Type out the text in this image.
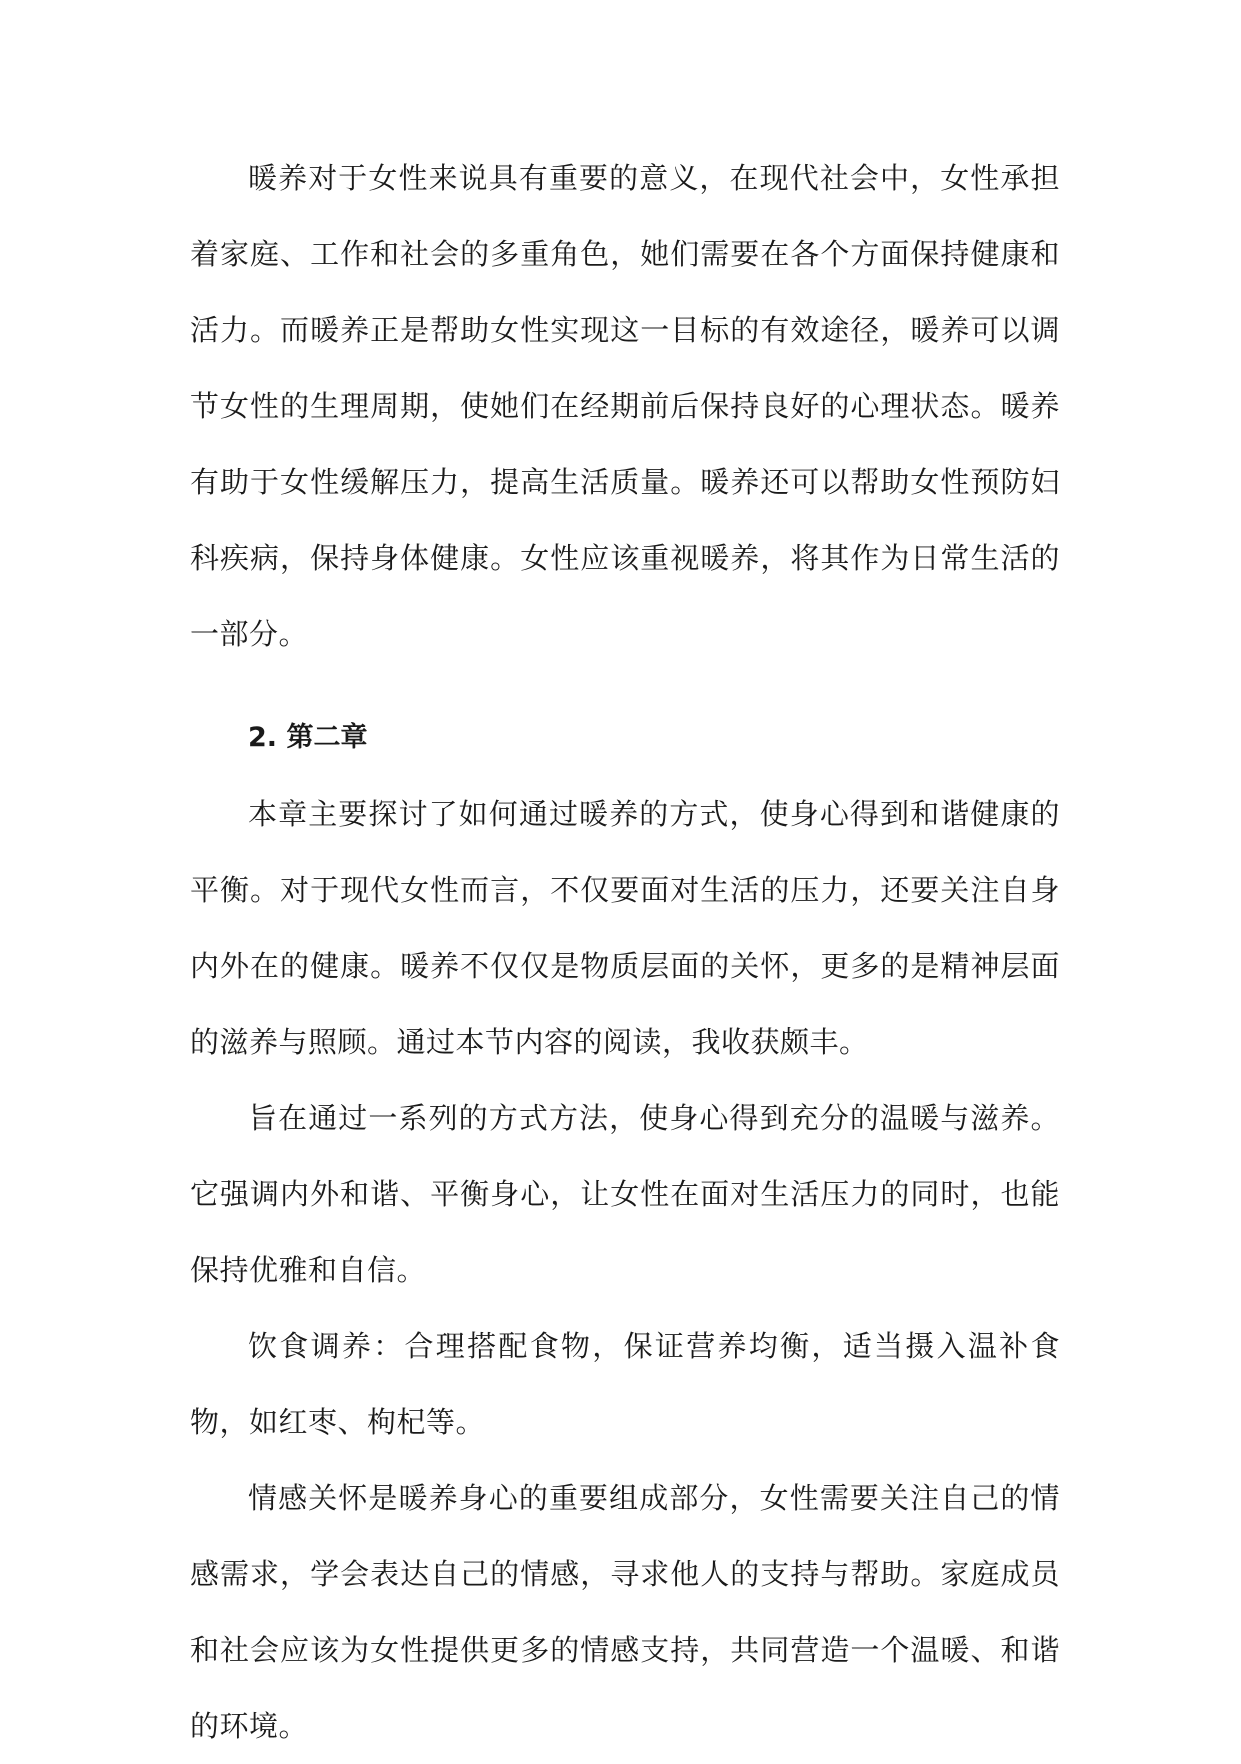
暖养对于女性来说具有重要的意义，在现代社会中，女性承担着家庭、工作和社会的多重角色，她们需要在各个方面保持健康和活力。而暖养正是帮助女性实现这一目标的有效途径，暖养可以调节女性的生理周期，使她们在经期前后保持良好的心理状态。暖养有助于女性缓解压力，提高生活质量。暖养还可以帮助女性预防妇科疾病，保持身体健康。女性应该重视暖养，将其作为日常生活的一部分。

2. 第二章

本章主要探讨了如何通过暖养的方式，使身心得到和谐健康的平衡。对于现代女性而言，不仅要面对生活的压力，还要关注自身内外在的健康。暖养不仅仅是物质层面的关怀，更多的是精神层面的滋养与照顾。通过本节内容的阅读，我收获颇丰。

旨在通过一系列的方式方法，使身心得到充分的温暖与滋养。它强调内外和谐、平衡身心，让女性在面对生活压力的同时，也能保持优雅和自信。

饮食调养：合理搭配食物，保证营养均衡，适当摄入温补食物，如红枣、枸杞等。

情感关怀是暖养身心的重要组成部分，女性需要关注自己的情感需求，学会表达自己的情感，寻求他人的支持与帮助。家庭成员和社会应该为女性提供更多的情感支持，共同营造一个温暖、和谐的环境。
